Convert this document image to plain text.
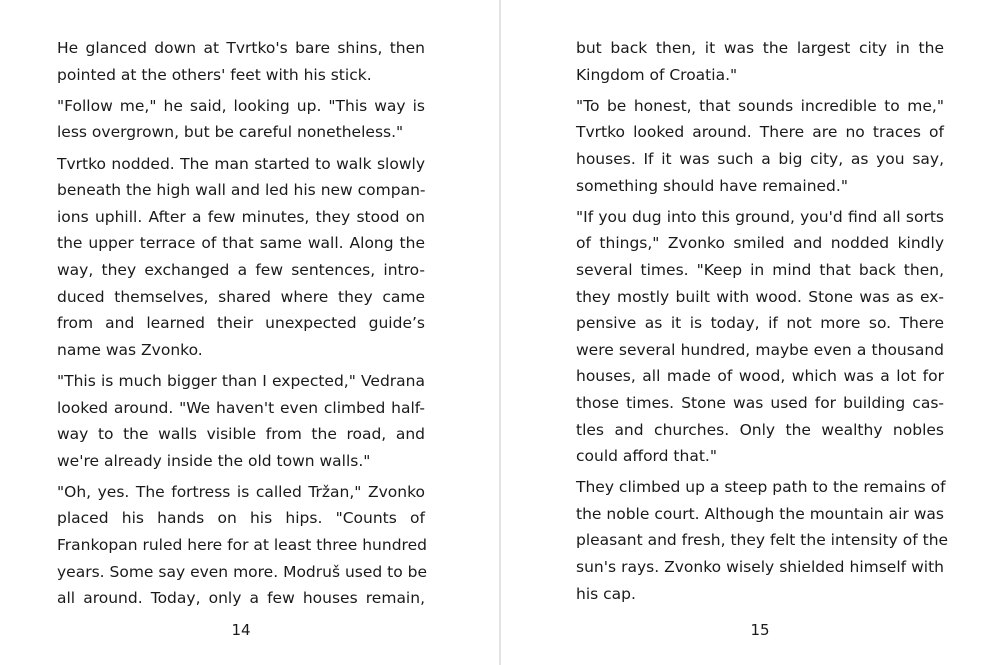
He glanced down at Tvrtko's bare shins, then
pointed at the others' feet with his stick.
"Follow me," he said, looking up. "This way is
less overgrown, but be careful nonetheless."
Tvrtko nodded. The man started to walk slowly
beneath the high wall and led his new compan-
ions uphill. After a few minutes, they stood on
the upper terrace of that same wall. Along the
way, they exchanged a few sentences, intro-
duced themselves, shared where they came
from and learned their unexpected guide’s
name was Zvonko.
"This is much bigger than I expected," Vedrana
looked around. "We haven't even climbed half-
way to the walls visible from the road, and
we're already inside the old town walls."
"Oh, yes. The fortress is called Tržan," Zvonko
placed his hands on his hips. "Counts of
Frankopan ruled here for at least three hundred
years. Some say even more. Modruš used to be
all around. Today, only a few houses remain,
14
but back then, it was the largest city in the
Kingdom of Croatia."
"To be honest, that sounds incredible to me,"
Tvrtko looked around. There are no traces of
houses. If it was such a big city, as you say,
something should have remained."
"If you dug into this ground, you'd find all sorts
of things," Zvonko smiled and nodded kindly
several times. "Keep in mind that back then,
they mostly built with wood. Stone was as ex-
pensive as it is today, if not more so. There
were several hundred, maybe even a thousand
houses, all made of wood, which was a lot for
those times. Stone was used for building cas-
tles and churches. Only the wealthy nobles
could afford that."
They climbed up a steep path to the remains of
the noble court. Although the mountain air was
pleasant and fresh, they felt the intensity of the
sun's rays. Zvonko wisely shielded himself with
his cap.
15
